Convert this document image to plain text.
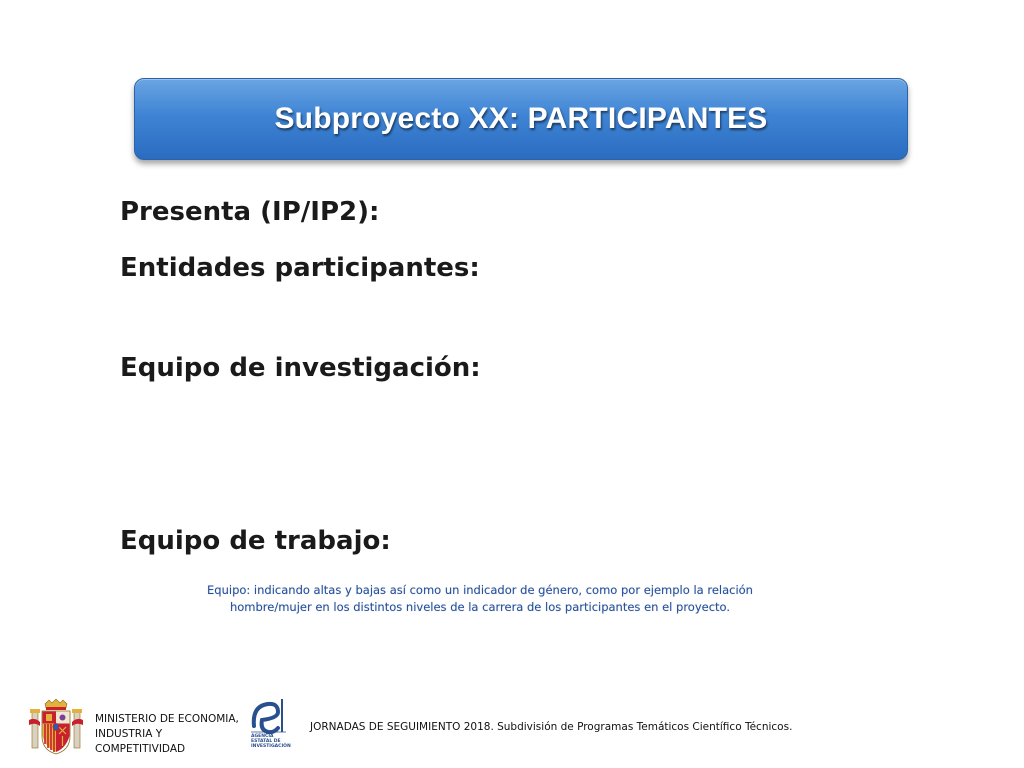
Subproyecto XX: PARTICIPANTES
Presenta (IP/IP2):
Entidades participantes:
Equipo de investigación:
Equipo de trabajo:
Equipo: indicando altas y bajas así como un indicador de género, como por ejemplo la relación
hombre/mujer en los distintos niveles de la carrera de los participantes en el proyecto.
MINISTERIO DE ECONOMIA,
INDUSTRIA Y
COMPETITIVIDAD
AGENCIA
ESTATAL DE
INVESTIGACIÓN
JORNADAS DE SEGUIMIENTO 2018. Subdivisión de Programas Temáticos Científico Técnicos.
